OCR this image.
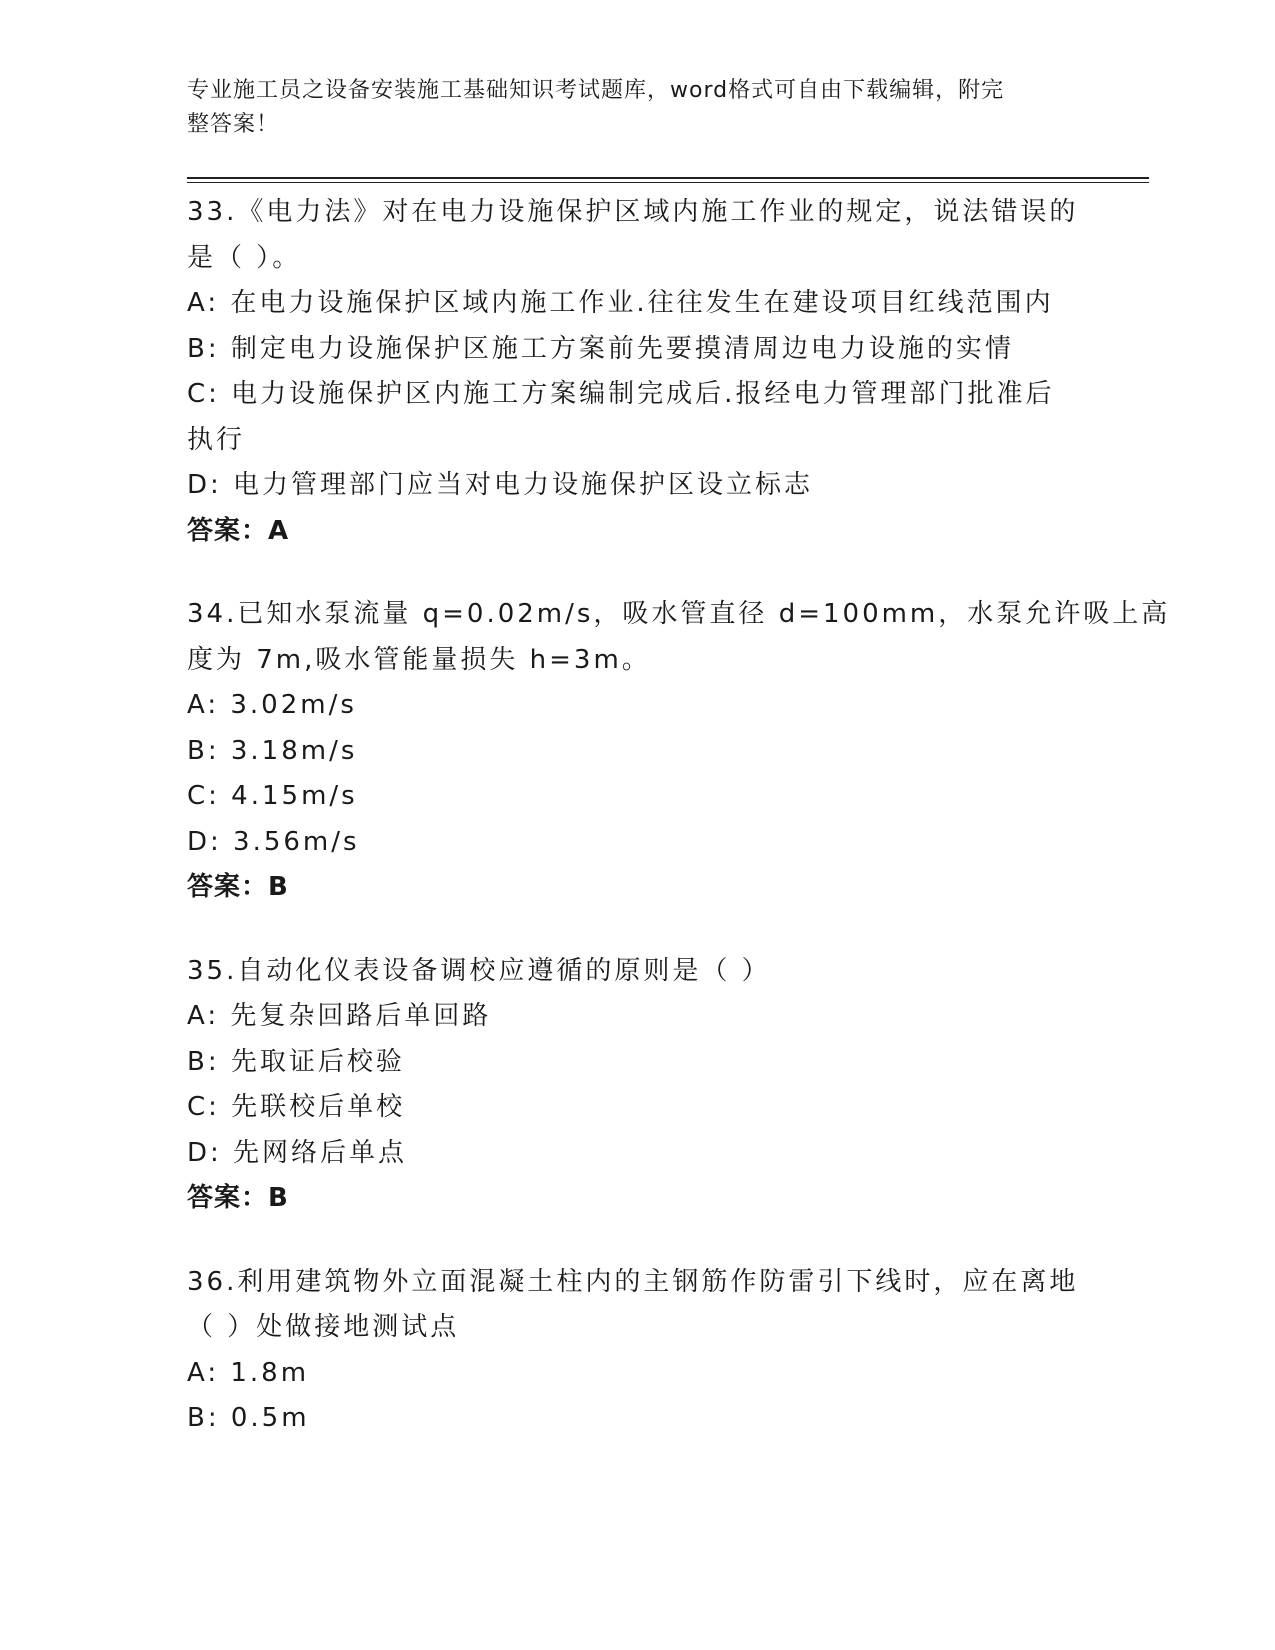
专业施工员之设备安装施工基础知识考试题库，word格式可自由下载编辑，附完
整答案！
33.《电力法》对在电力设施保护区域内施工作业的规定，说法错误的
是（ ）。
A: 在电力设施保护区域内施工作业.往往发生在建设项目红线范围内
B: 制定电力设施保护区施工方案前先要摸清周边电力设施的实情
C: 电力设施保护区内施工方案编制完成后.报经电力管理部门批准后
执行
D: 电力管理部门应当对电力设施保护区设立标志
答案：A
34.已知水泵流量 q=0.02m/s，吸水管直径 d=100mm，水泵允许吸上高
度为 7m,吸水管能量损失 h=3m。
A: 3.02m/s
B: 3.18m/s
C: 4.15m/s
D: 3.56m/s
答案：B
35.自动化仪表设备调校应遵循的原则是（ ）
A: 先复杂回路后单回路
B: 先取证后校验
C: 先联校后单校
D: 先网络后单点
答案：B
36.利用建筑物外立面混凝土柱内的主钢筋作防雷引下线时，应在离地
（ ）处做接地测试点
A: 1.8m
B: 0.5m
